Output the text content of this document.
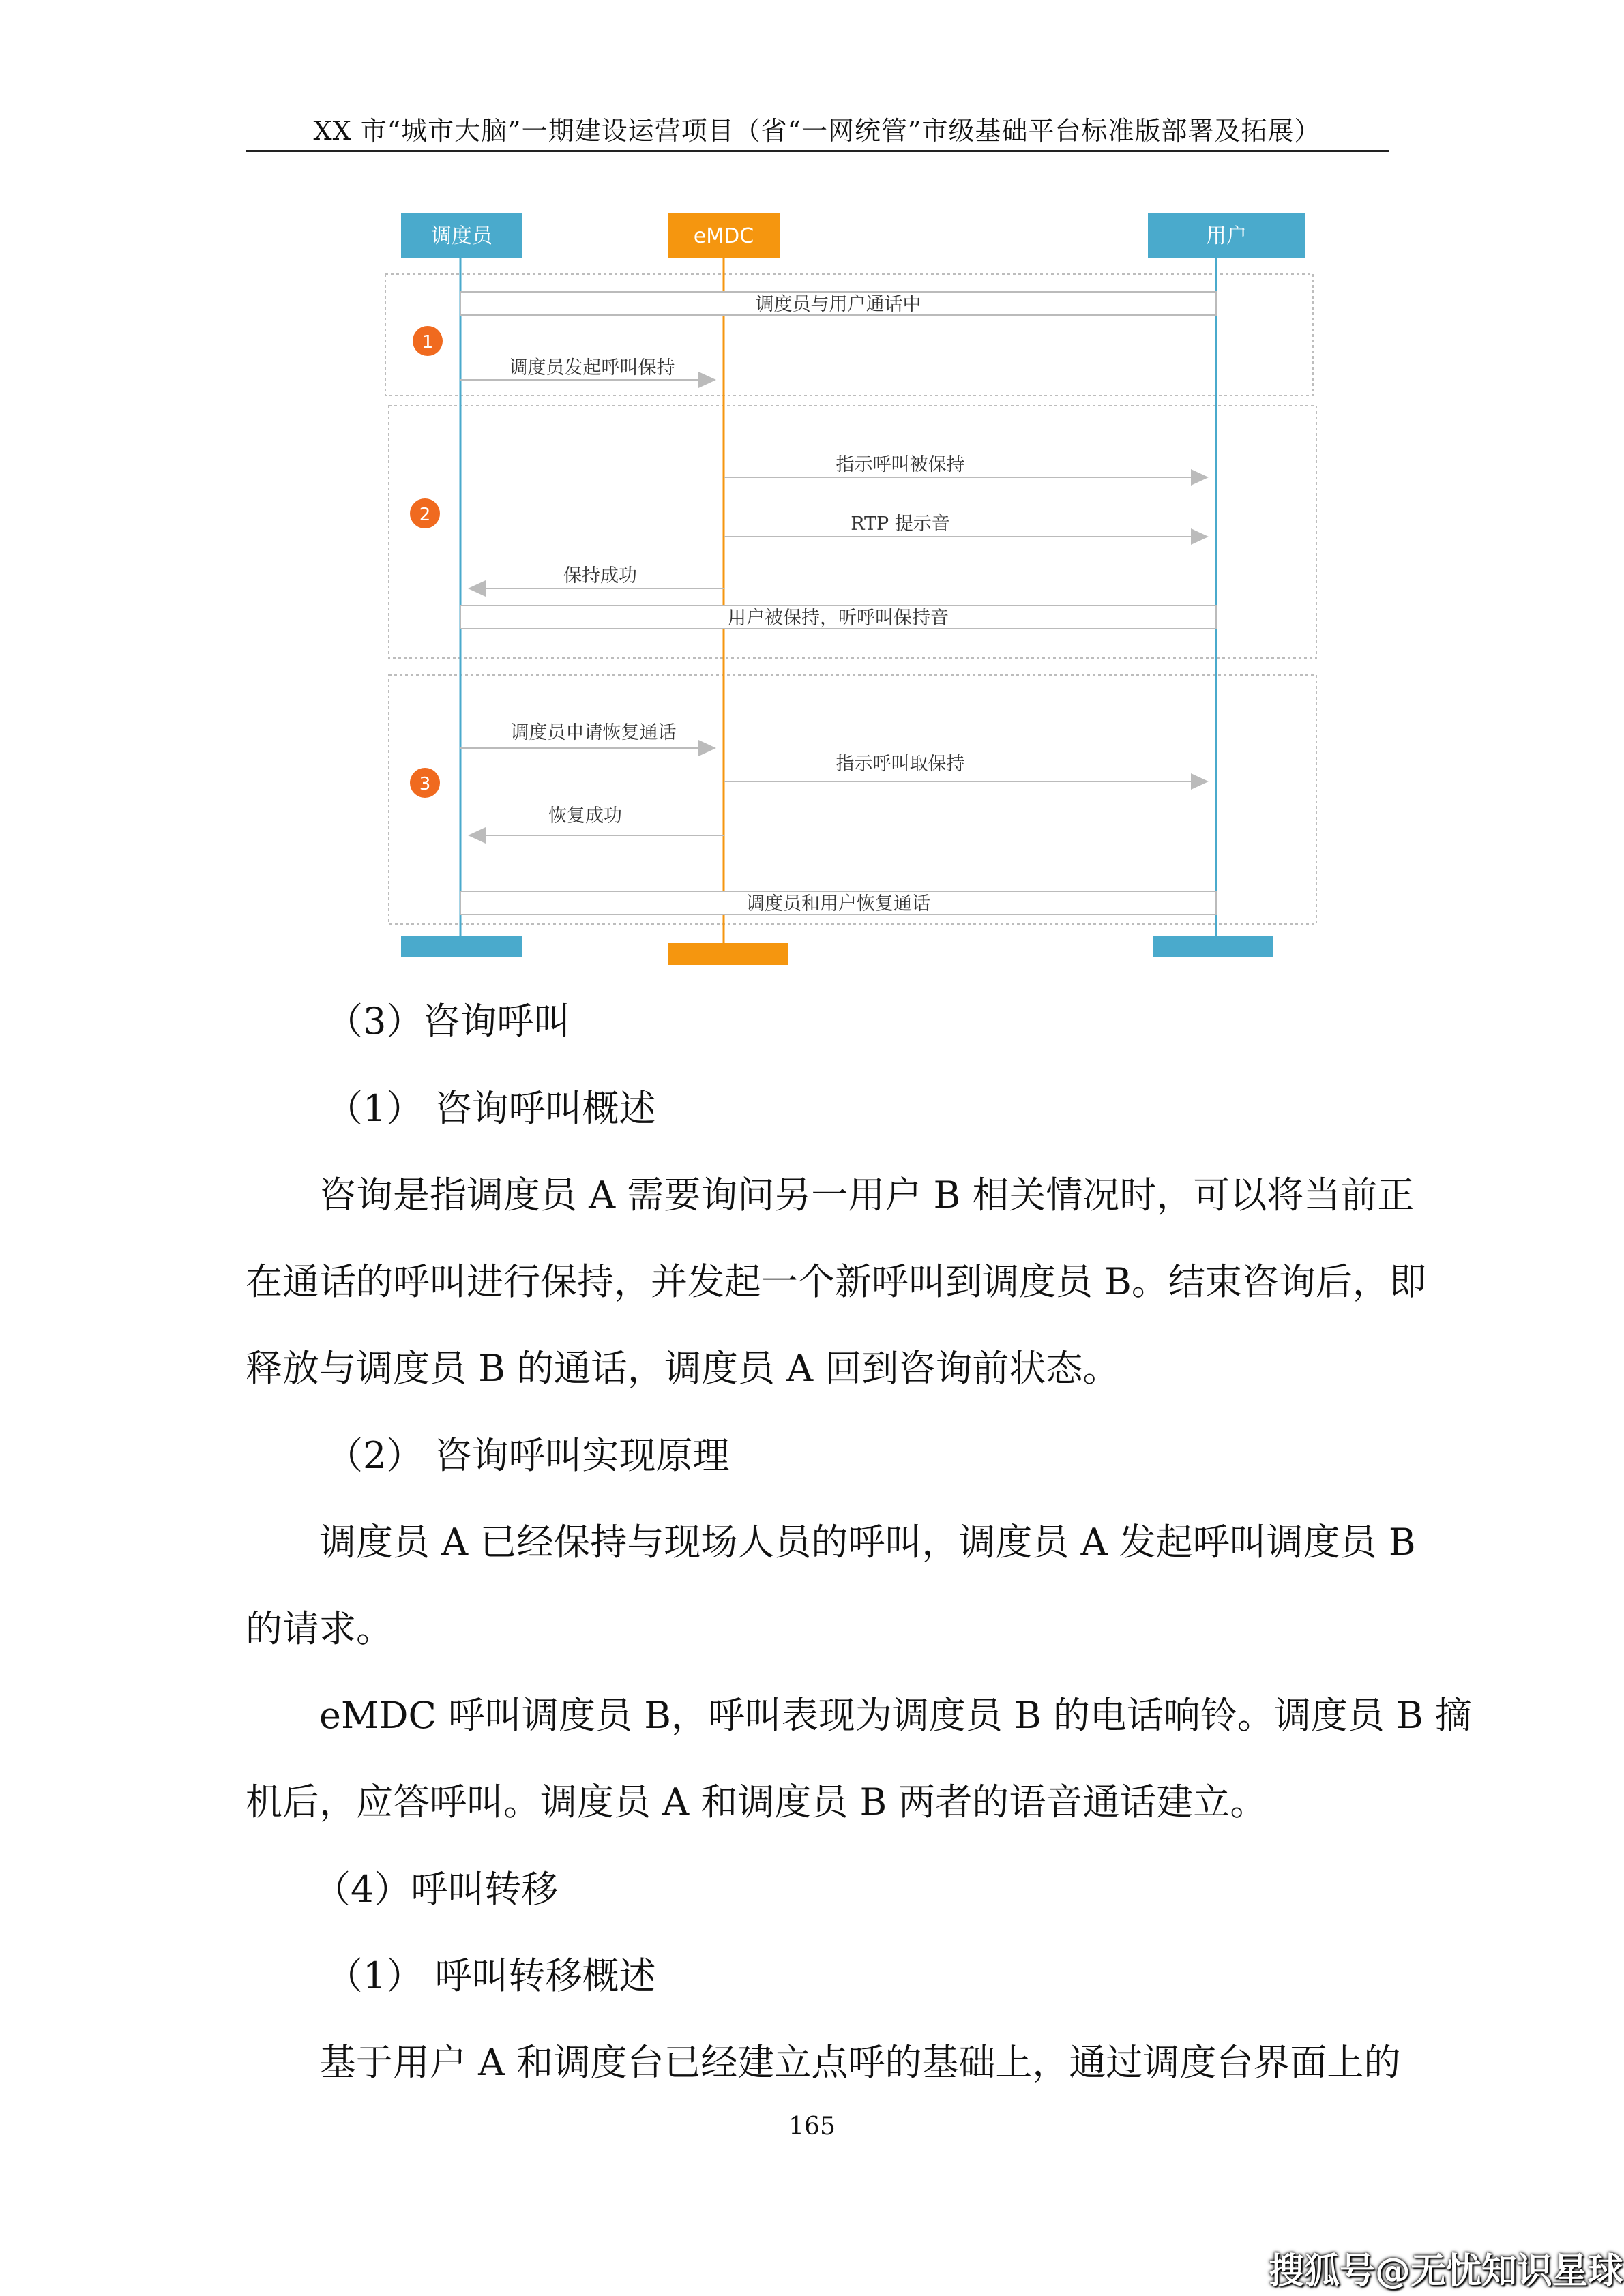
XX 市“城市大脑”一期建设运营项目（省“一网统管”市级基础平台标准版部署及拓展）
调度员	eMDC	用户
1
2
3
调度员与用户通话中
调度员发起呼叫保持
指示呼叫被保持
RTP 提示音
保持成功
用户被保持，听呼叫保持音
调度员申请恢复通话
指示呼叫取保持
恢复成功
调度员和用户恢复通话
（3）咨询呼叫
（1） 咨询呼叫概述
咨询是指调度员 A 需要询问另一用户 B 相关情况时，可以将当前正
在通话的呼叫进行保持，并发起一个新呼叫到调度员 B。结束咨询后，即
释放与调度员 B 的通话，调度员 A 回到咨询前状态。
（2） 咨询呼叫实现原理
调度员 A 已经保持与现场人员的呼叫，调度员 A 发起呼叫调度员 B
的请求。
eMDC 呼叫调度员 B，呼叫表现为调度员 B 的电话响铃。调度员 B 摘
机后，应答呼叫。调度员 A 和调度员 B 两者的语音通话建立。
（4）呼叫转移
（1） 呼叫转移概述
基于用户 A 和调度台已经建立点呼的基础上，通过调度台界面上的
165
搜狐号@无忧知识星球
